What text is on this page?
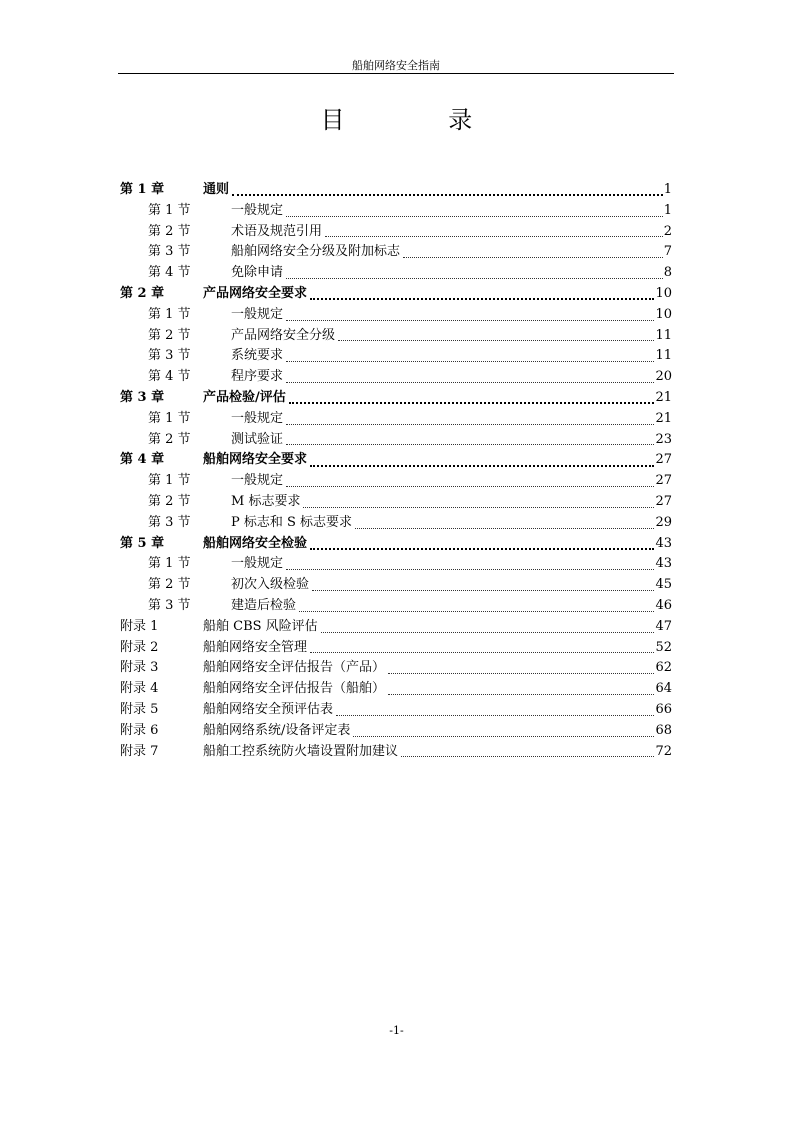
船舶网络安全指南
目 录
第 1 章	通则	1
第 1 节	一般规定	1
第 2 节	术语及规范引用	2
第 3 节	船舶网络安全分级及附加标志	7
第 4 节	免除申请	8
第 2 章	产品网络安全要求	10
第 1 节	一般规定	10
第 2 节	产品网络安全分级	11
第 3 节	系统要求	11
第 4 节	程序要求	20
第 3 章	产品检验/评估	21
第 1 节	一般规定	21
第 2 节	测试验证	23
第 4 章	船舶网络安全要求	27
第 1 节	一般规定	27
第 2 节	M 标志要求	27
第 3 节	P 标志和 S 标志要求	29
第 5 章	船舶网络安全检验	43
第 1 节	一般规定	43
第 2 节	初次入级检验	45
第 3 节	建造后检验	46
附录 1	船舶 CBS 风险评估	47
附录 2	船舶网络安全管理	52
附录 3	船舶网络安全评估报告（产品）	62
附录 4	船舶网络安全评估报告（船舶）	64
附录 5	船舶网络安全预评估表	66
附录 6	船舶网络系统/设备评定表	68
附录 7	船舶工控系统防火墙设置附加建议	72
-1-
